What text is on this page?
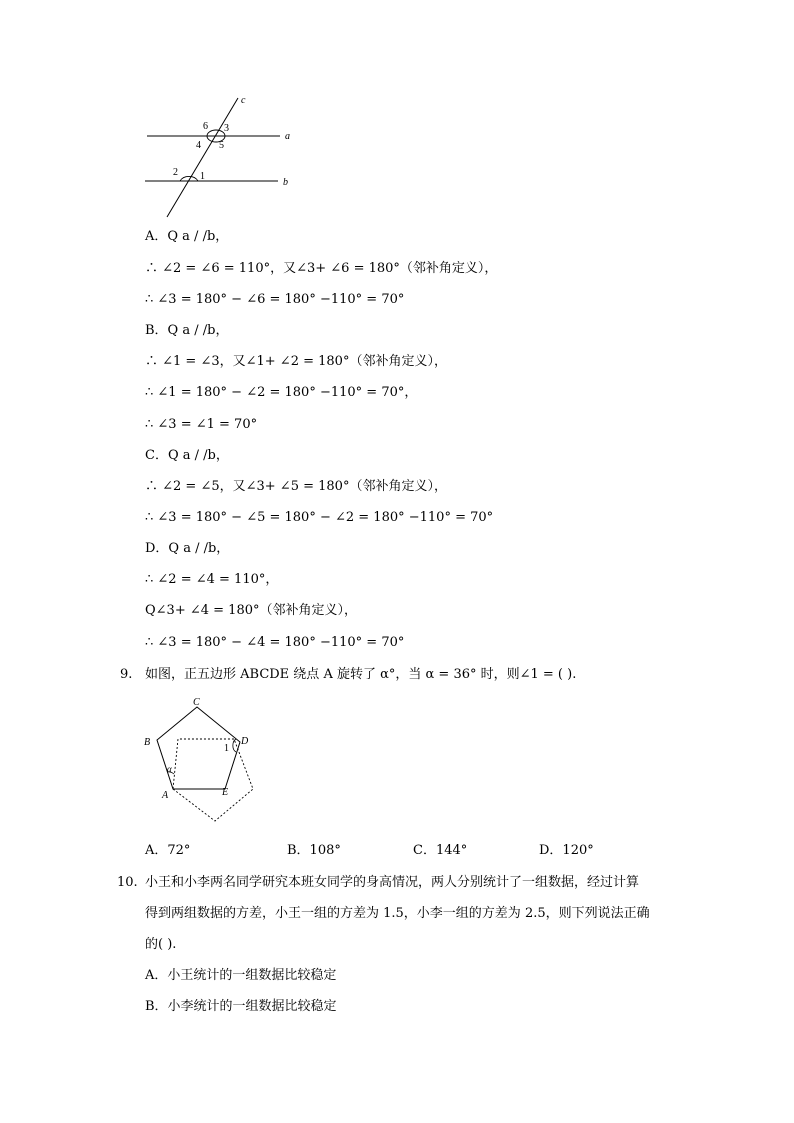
c
a
b
6 3
4 5
2 1
A．Q a / /b，
∴ ∠2 = ∠6 = 110°，又∠3+ ∠6 = 180°（邻补角定义），
∴ ∠3 = 180° − ∠6 = 180° −110° = 70°
B．Q a / /b，
∴ ∠1 = ∠3，又∠1+ ∠2 = 180°（邻补角定义），
∴ ∠1 = 180° − ∠2 = 180° −110° = 70°，
∴ ∠3 = ∠1 = 70°
C．Q a / /b，
∴ ∠2 = ∠5，又∠3+ ∠5 = 180°（邻补角定义），
∴ ∠3 = 180° − ∠5 = 180° − ∠2 = 180° −110° = 70°
D．Q a / /b，
∴ ∠2 = ∠4 = 110°，
Q∠3+ ∠4 = 180°（邻补角定义），
∴ ∠3 = 180° − ∠4 = 180° −110° = 70°
9. 如图，正五边形 ABCDE 绕点 A 旋转了 α°，当 α = 36° 时，则∠1 = ( ).
C
B	D
A	E
α
1
A．72°	B．108°	C．144°	D．120°
10. 小王和小李两名同学研究本班女同学的身高情况，两人分别统计了一组数据，经过计算
得到两组数据的方差，小王一组的方差为 1.5，小李一组的方差为 2.5，则下列说法正确
的( ).
A．小王统计的一组数据比较稳定
B．小李统计的一组数据比较稳定
